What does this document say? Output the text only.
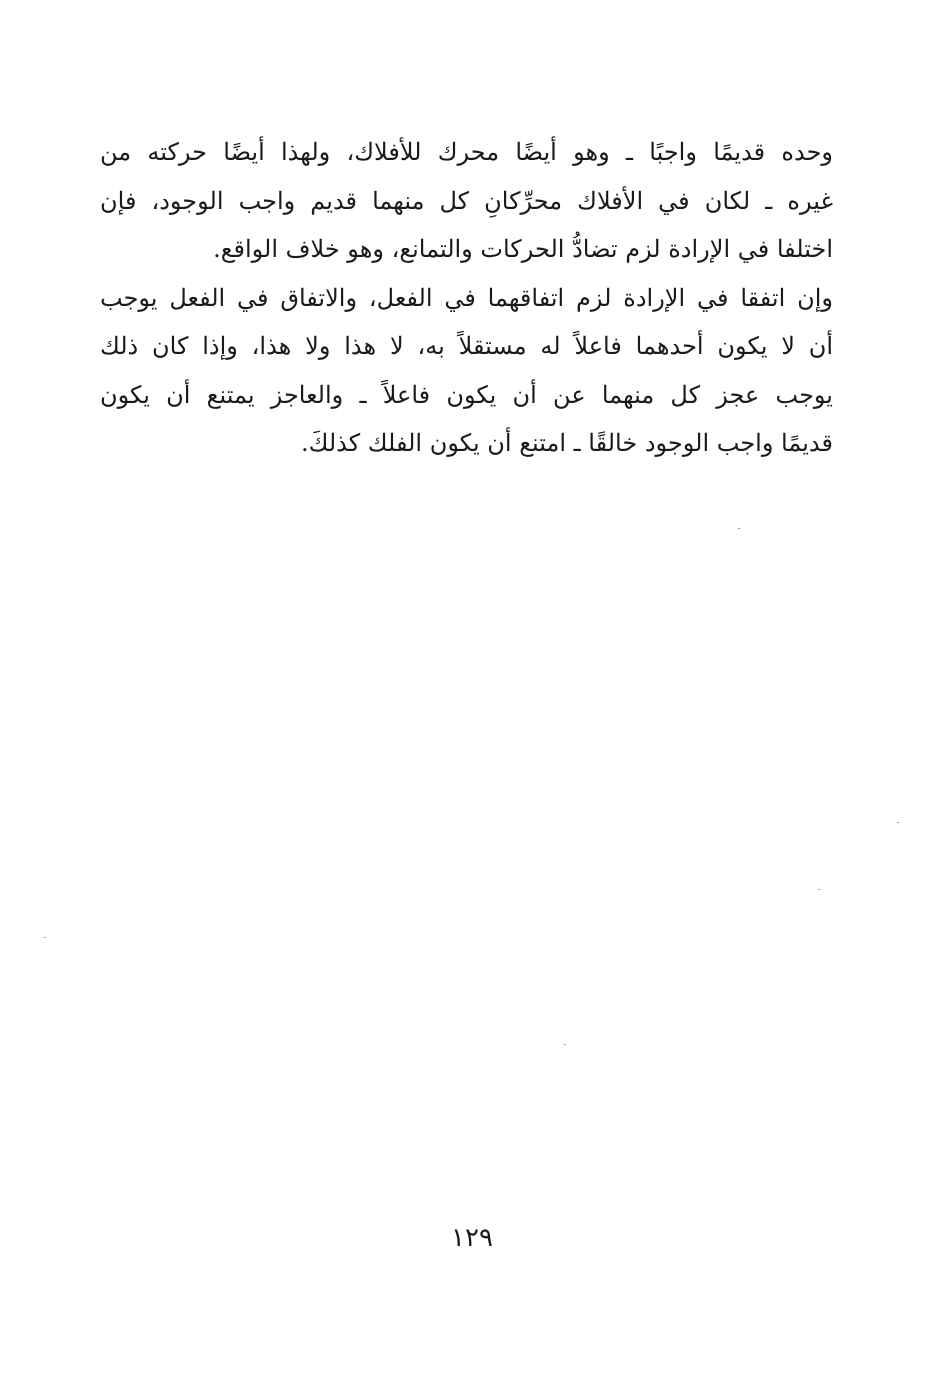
وحده قديمًا واجبًا ـ وهو أيضًا محرك للأفلاك، ولهذا أيضًا حركته من
غيره ـ لكان في الأفلاك محرِّكانِ كل منهما قديم واجب الوجود، فإن
اختلفا في الإرادة لزم تضادُّ الحركات والتمانع، وهو خلاف الواقع.
وإن اتفقا في الإرادة لزم اتفاقهما في الفعل، والاتفاق في الفعل يوجب
أن لا يكون أحدهما فاعلاً له مستقلاً به، لا هذا ولا هذا، وإذا كان ذلك
يوجب عجز كل منهما عن أن يكون فاعلاً ـ والعاجز يمتنع أن يكون
قديمًا واجب الوجود خالقًا ـ امتنع أن يكون الفلك كذلكَ.
١٢٩
